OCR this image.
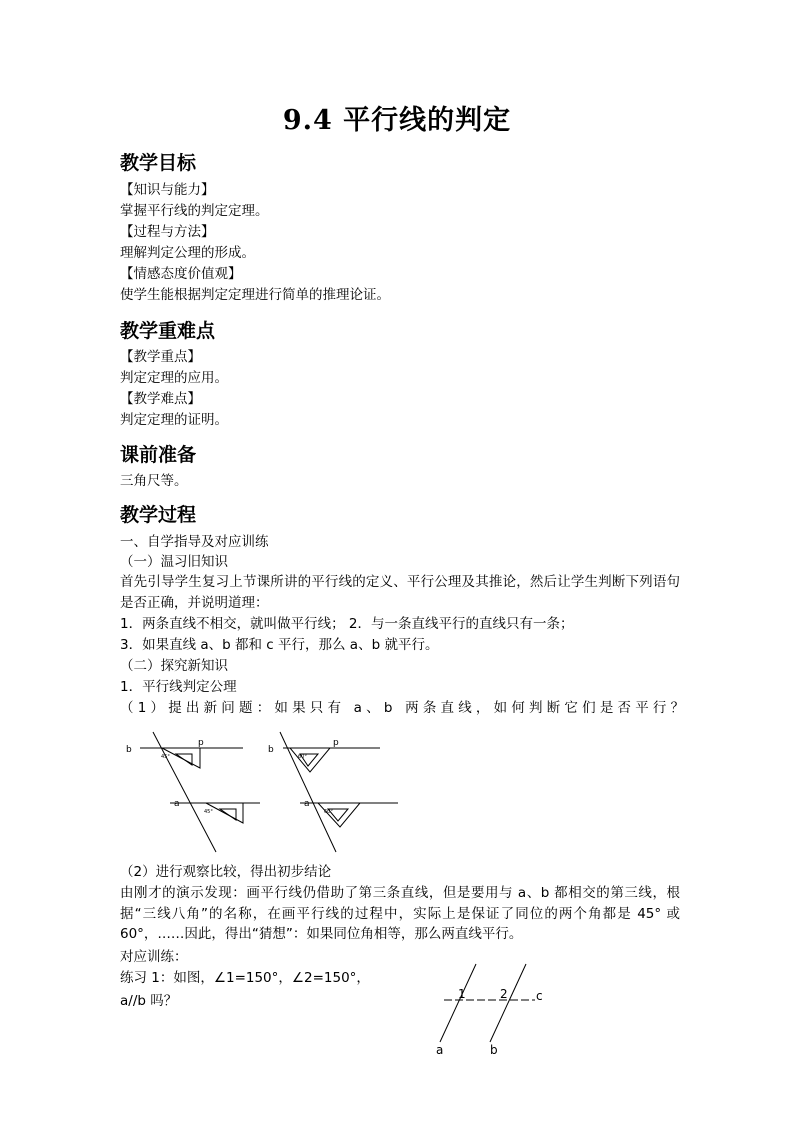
9.4 平行线的判定
教学目标
【知识与能力】
掌握平行线的判定定理。
【过程与方法】
理解判定公理的形成。
【情感态度价值观】
使学生能根据判定定理进行简单的推理论证。
教学重难点
【教学重点】
判定定理的应用。
【教学难点】
判定定理的证明。
课前准备
三角尺等。
教学过程
一、自学指导及对应训练
（一）温习旧知识
首先引导学生复习上节课所讲的平行线的定义、平行公理及其推论，然后让学生判断下列语句是否正确，并说明道理：
1．两条直线不相交，就叫做平行线； 2．与一条直线平行的直线只有一条；
3．如果直线 a、b 都和 c 平行，那么 a、b 就平行。
（二）探究新知识
1．平行线判定公理
（1）提出新问题：如果只有 a、b 两条直线，如何判断它们是否平行？
b
p
a
45°
45°
b
p
a
60°
60°
（2）进行观察比较，得出初步结论
由刚才的演示发现：画平行线仍借助了第三条直线，但是要用与 a、b 都相交的第三线，根据“三线八角”的名称，在画平行线的过程中，实际上是保证了同位的两个角都是 45° 或 60°，……因此，得出“猜想”：如果同位角相等，那么两直线平行。
对应训练：
练习 1：如图，∠1=150°，∠2=150°，
a//b 吗？	1	2 c
a	b
